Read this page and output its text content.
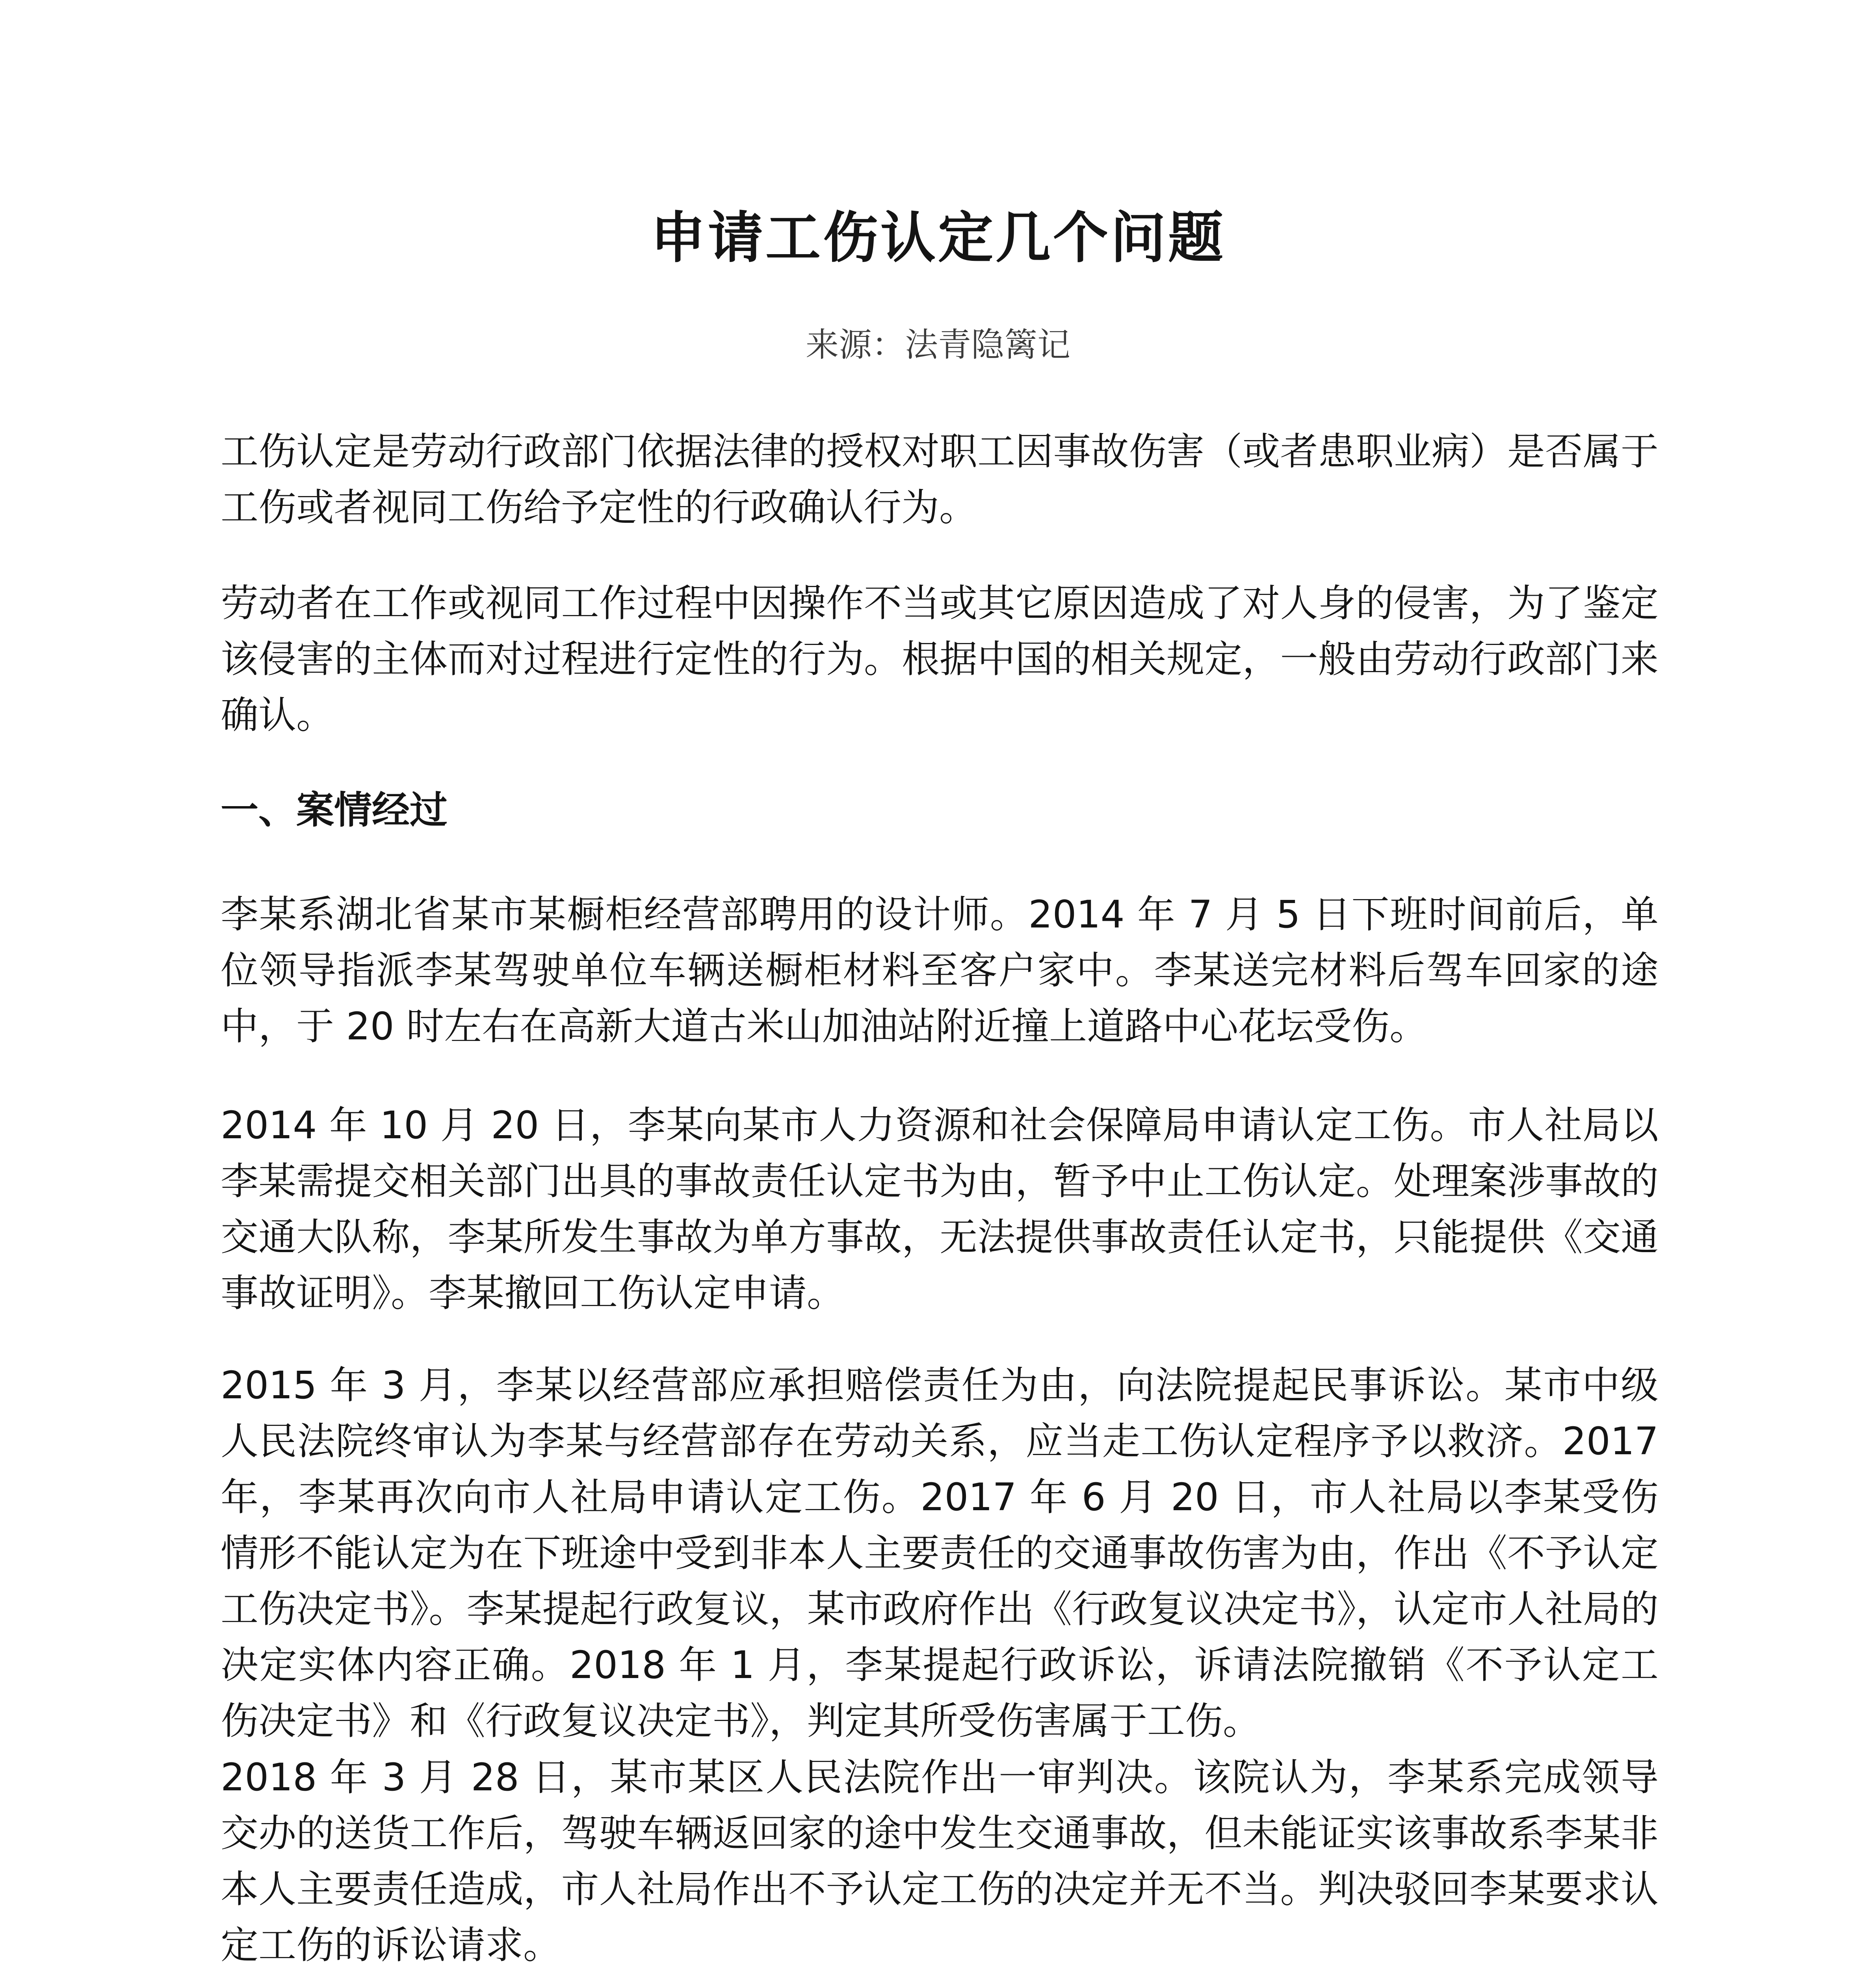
申请工伤认定几个问题
来源：法青隐篱记

工伤认定是劳动行政部门依据法律的授权对职工因事故伤害（或者患职业病）是否属于工伤或者视同工伤给予定性的行政确认行为。

劳动者在工作或视同工作过程中因操作不当或其它原因造成了对人身的侵害，为了鉴定该侵害的主体而对过程进行定性的行为。根据中国的相关规定，一般由劳动行政部门来确认。

一、案情经过

李某系湖北省某市某橱柜经营部聘用的设计师。2014 年 7 月 5 日下班时间前后，单位领导指派李某驾驶单位车辆送橱柜材料至客户家中。李某送完材料后驾车回家的途中，于 20 时左右在高新大道古米山加油站附近撞上道路中心花坛受伤。

2014 年 10 月 20 日，李某向某市人力资源和社会保障局申请认定工伤。市人社局以李某需提交相关部门出具的事故责任认定书为由，暂予中止工伤认定。处理案涉事故的交通大队称，李某所发生事故为单方事故，无法提供事故责任认定书，只能提供《交通事故证明》。李某撤回工伤认定申请。

2015 年 3 月，李某以经营部应承担赔偿责任为由，向法院提起民事诉讼。某市中级人民法院终审认为李某与经营部存在劳动关系，应当走工伤认定程序予以救济。2017 年，李某再次向市人社局申请认定工伤。2017 年 6 月 20 日，市人社局以李某受伤情形不能认定为在下班途中受到非本人主要责任的交通事故伤害为由，作出《不予认定工伤决定书》。李某提起行政复议，某市政府作出《行政复议决定书》，认定市人社局的决定实体内容正确。2018 年 1 月，李某提起行政诉讼，诉请法院撤销《不予认定工伤决定书》和《行政复议决定书》，判定其所受伤害属于工伤。

2018 年 3 月 28 日，某市某区人民法院作出一审判决。该院认为，李某系完成领导交办的送货工作后，驾驶车辆返回家的途中发生交通事故，但未能证实该事故系李某非本人主要责任造成，市人社局作出不予认定工伤的决定并无不当。判决驳回李某要求认定工伤的诉讼请求。
